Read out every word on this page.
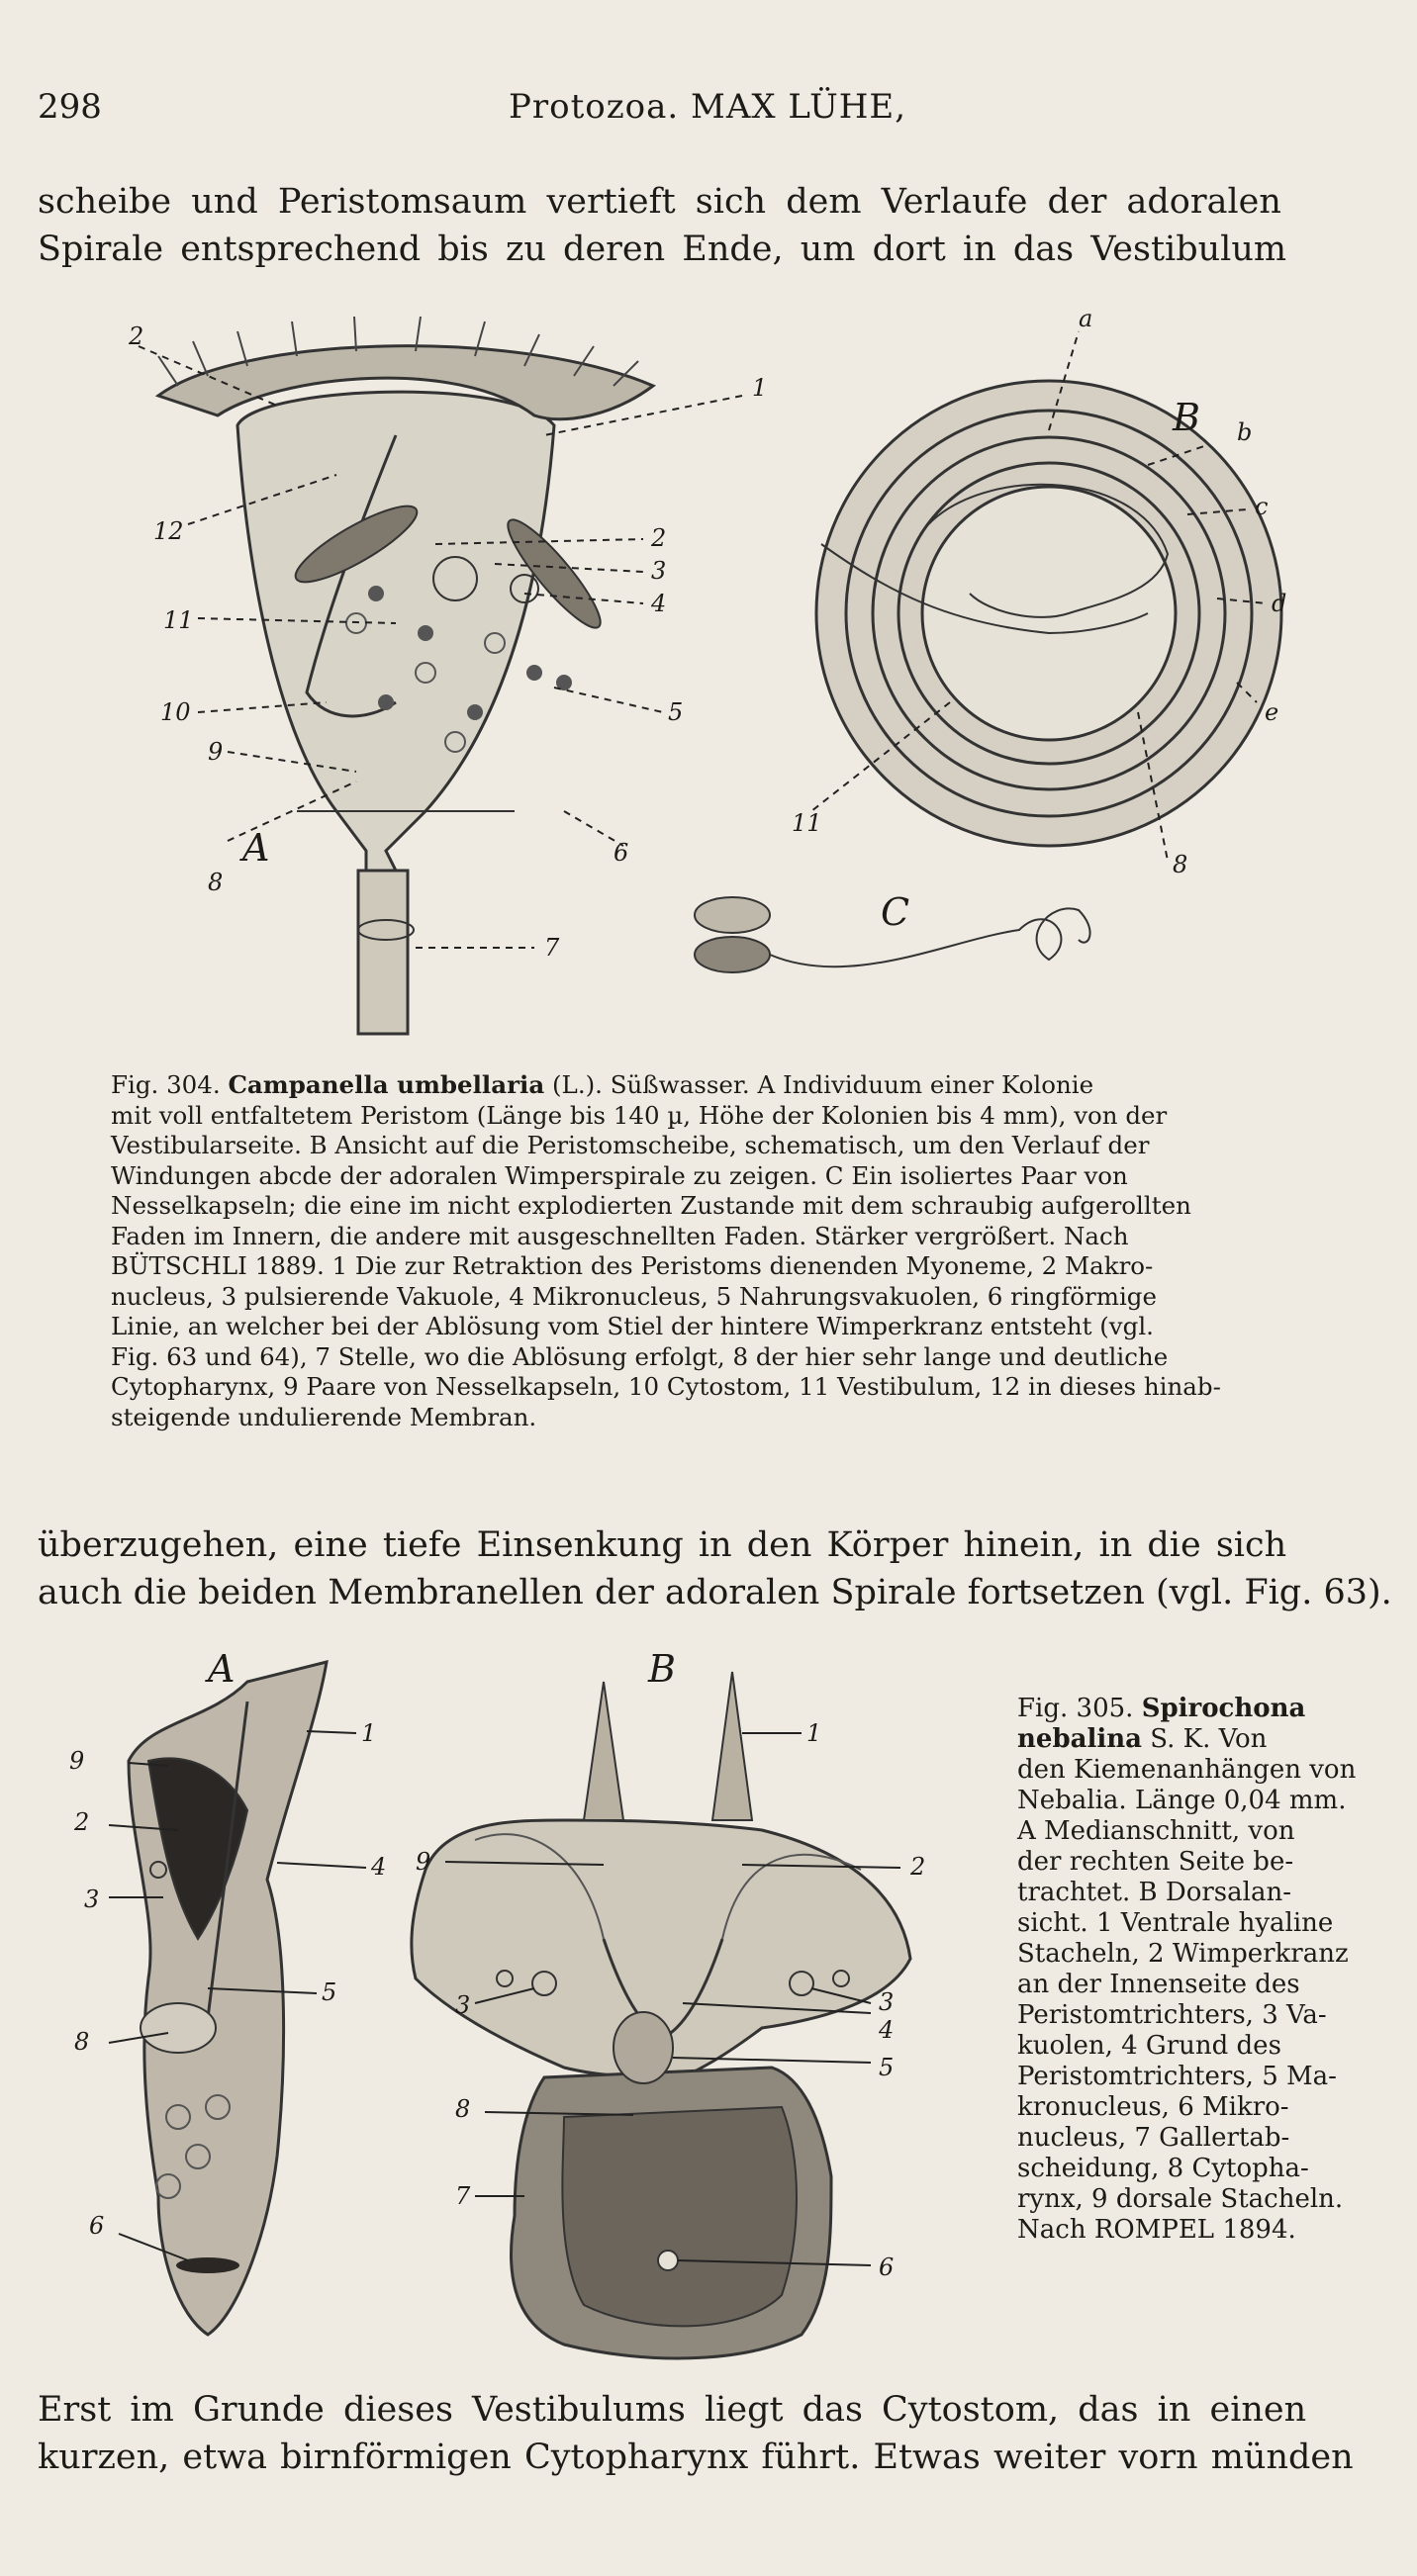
298	Protozoa. MAX LÜHE,
scheibe und Peristomsaum vertieft sich dem Verlaufe der adoralen
Spirale entsprechend bis zu deren Ende, um dort in das Vestibulum
2
1
12	2
3
4
11
5
10
9
8
6
7
A
a
b
c
d
e
8
11
B
C
Fig. 304. Campanella umbellaria (L.). Süßwasser. A Individuum einer Kolonie
mit voll entfaltetem Peristom (Länge bis 140 µ, Höhe der Kolonien bis 4 mm), von der
Vestibularseite. B Ansicht auf die Peristomscheibe, schematisch, um den Verlauf der
Windungen abcde der adoralen Wimperspirale zu zeigen. C Ein isoliertes Paar von
Nesselkapseln; die eine im nicht explodierten Zustande mit dem schraubig aufgerollten
Faden im Innern, die andere mit ausgeschnellten Faden. Stärker vergrößert. Nach
BÜTSCHLI 1889. 1 Die zur Retraktion des Peristoms dienenden Myoneme, 2 Makro-
nucleus, 3 pulsierende Vakuole, 4 Mikronucleus, 5 Nahrungsvakuolen, 6 ringförmige
Linie, an welcher bei der Ablösung vom Stiel der hintere Wimperkranz entsteht (vgl.
Fig. 63 und 64), 7 Stelle, wo die Ablösung erfolgt, 8 der hier sehr lange und deutliche
Cytopharynx, 9 Paare von Nesselkapseln, 10 Cytostom, 11 Vestibulum, 12 in dieses hinab-
steigende undulierende Membran.
überzugehen, eine tiefe Einsenkung in den Körper hinein, in die sich
auch die beiden Membranellen der adoralen Spirale fortsetzen (vgl. Fig. 63).
1
9
2
4
3
5
8
6
A
1
9	2
3	3
4
5
8
7
6
B
Fig. 305. Spirochona
nebalina S. K. Von
den Kiemenanhängen von
Nebalia. Länge 0,04 mm.
A Medianschnitt, von
der rechten Seite be-
trachtet. B Dorsalan-
sicht. 1 Ventrale hyaline
Stacheln, 2 Wimperkranz
an der Innenseite des
Peristomtrichters, 3 Va-
kuolen, 4 Grund des
Peristomtrichters, 5 Ma-
kronucleus, 6 Mikro-
nucleus, 7 Gallertab-
scheidung, 8 Cytopha-
rynx, 9 dorsale Stacheln.
Nach ROMPEL 1894.
Erst im Grunde dieses Vestibulums liegt das Cytostom, das in einen
kurzen, etwa birnförmigen Cytopharynx führt. Etwas weiter vorn münden
